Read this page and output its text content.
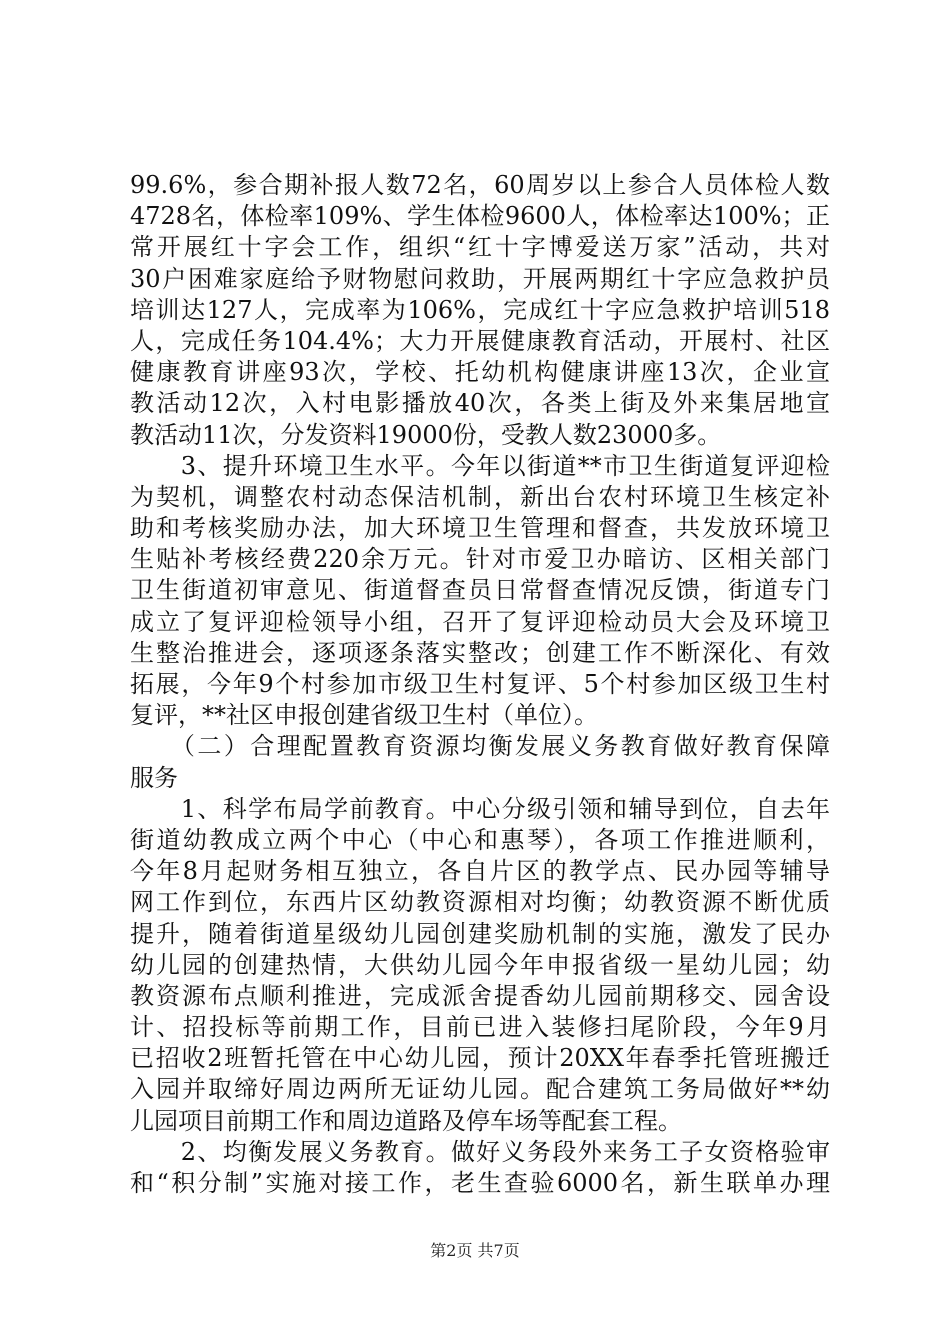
99.6%，参合期补报人数72名，60周岁以上参合人员体检人数
4728名，体检率109%、学生体检9600人，体检率达100%；正
常开展红十字会工作，组织“红十字博爱送万家”活动，共对
30户困难家庭给予财物慰问救助，开展两期红十字应急救护员
培训达127人，完成率为106%，完成红十字应急救护培训518
人，完成任务104.4%；大力开展健康教育活动，开展村、社区
健康教育讲座93次，学校、托幼机构健康讲座13次，企业宣
教活动12次，入村电影播放40次，各类上街及外来集居地宣
教活动11次，分发资料19000份，受教人数23000多。
　　3、提升环境卫生水平。今年以街道**市卫生街道复评迎检
为契机，调整农村动态保洁机制，新出台农村环境卫生核定补
助和考核奖励办法，加大环境卫生管理和督查，共发放环境卫
生贴补考核经费220余万元。针对市爱卫办暗访、区相关部门
卫生街道初审意见、街道督查员日常督查情况反馈，街道专门
成立了复评迎检领导小组，召开了复评迎检动员大会及环境卫
生整治推进会，逐项逐条落实整改；创建工作不断深化、有效
拓展，今年9个村参加市级卫生村复评、5个村参加区级卫生村
复评，**社区申报创建省级卫生村（单位）。
　　（二）合理配置教育资源均衡发展义务教育做好教育保障
服务
　　1、科学布局学前教育。中心分级引领和辅导到位，自去年
街道幼教成立两个中心（中心和惠琴），各项工作推进顺利，
今年8月起财务相互独立，各自片区的教学点、民办园等辅导
网工作到位，东西片区幼教资源相对均衡；幼教资源不断优质
提升，随着街道星级幼儿园创建奖励机制的实施，激发了民办
幼儿园的创建热情，大供幼儿园今年申报省级一星幼儿园；幼
教资源布点顺利推进，完成派舍提香幼儿园前期移交、园舍设
计、招投标等前期工作，目前已进入装修扫尾阶段，今年9月
已招收2班暂托管在中心幼儿园，预计20XX年春季托管班搬迁
入园并取缔好周边两所无证幼儿园。配合建筑工务局做好**幼
儿园项目前期工作和周边道路及停车场等配套工程。
　　2、均衡发展义务教育。做好义务段外来务工子女资格验审
和“积分制”实施对接工作，老生查验6000名，新生联单办理
第2页 共7页
